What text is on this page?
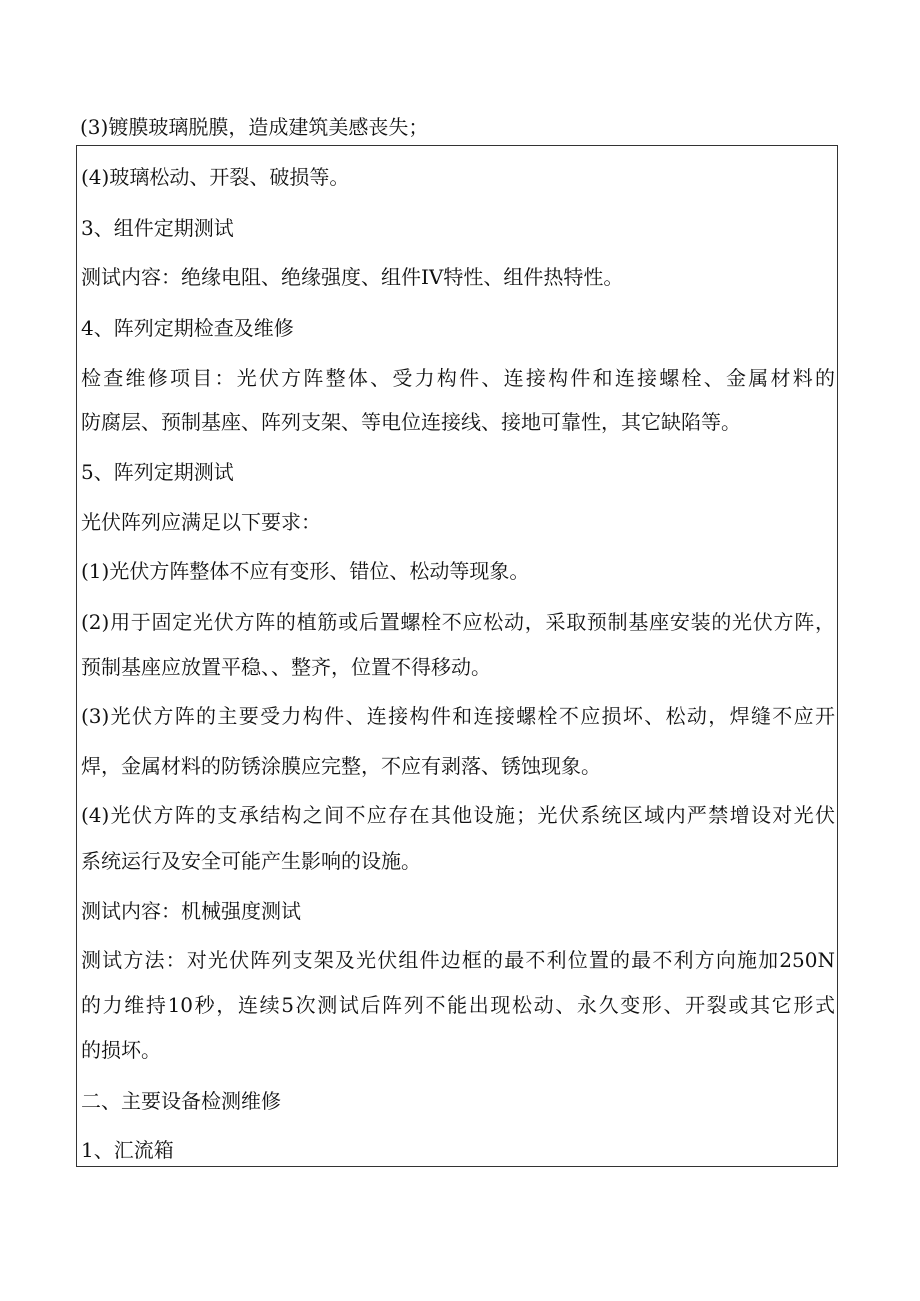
(3)镀膜玻璃脱膜，造成建筑美感丧失；
(4)玻璃松动、开裂、破损等。
3、组件定期测试
测试内容：绝缘电阻、绝缘强度、组件IV特性、组件热特性。
4、阵列定期检查及维修
检查维修项目：光伏方阵整体、受力构件、连接构件和连接螺栓、金属材料的
防腐层、预制基座、阵列支架、等电位连接线、接地可靠性，其它缺陷等。
5、阵列定期测试
光伏阵列应满足以下要求：
(1)光伏方阵整体不应有变形、错位、松动等现象。
(2)用于固定光伏方阵的植筋或后置螺栓不应松动，采取预制基座安装的光伏方阵，
预制基座应放置平稳、、整齐，位置不得移动。
(3)光伏方阵的主要受力构件、连接构件和连接螺栓不应损坏、松动，焊缝不应开
焊，金属材料的防锈涂膜应完整，不应有剥落、锈蚀现象。
(4)光伏方阵的支承结构之间不应存在其他设施；光伏系统区域内严禁增设对光伏
系统运行及安全可能产生影响的设施。
测试内容：机械强度测试
测试方法：对光伏阵列支架及光伏组件边框的最不利位置的最不利方向施加250N
的力维持10秒，连续5次测试后阵列不能出现松动、永久变形、开裂或其它形式
的损坏。
二、主要设备检测维修
1、汇流箱
